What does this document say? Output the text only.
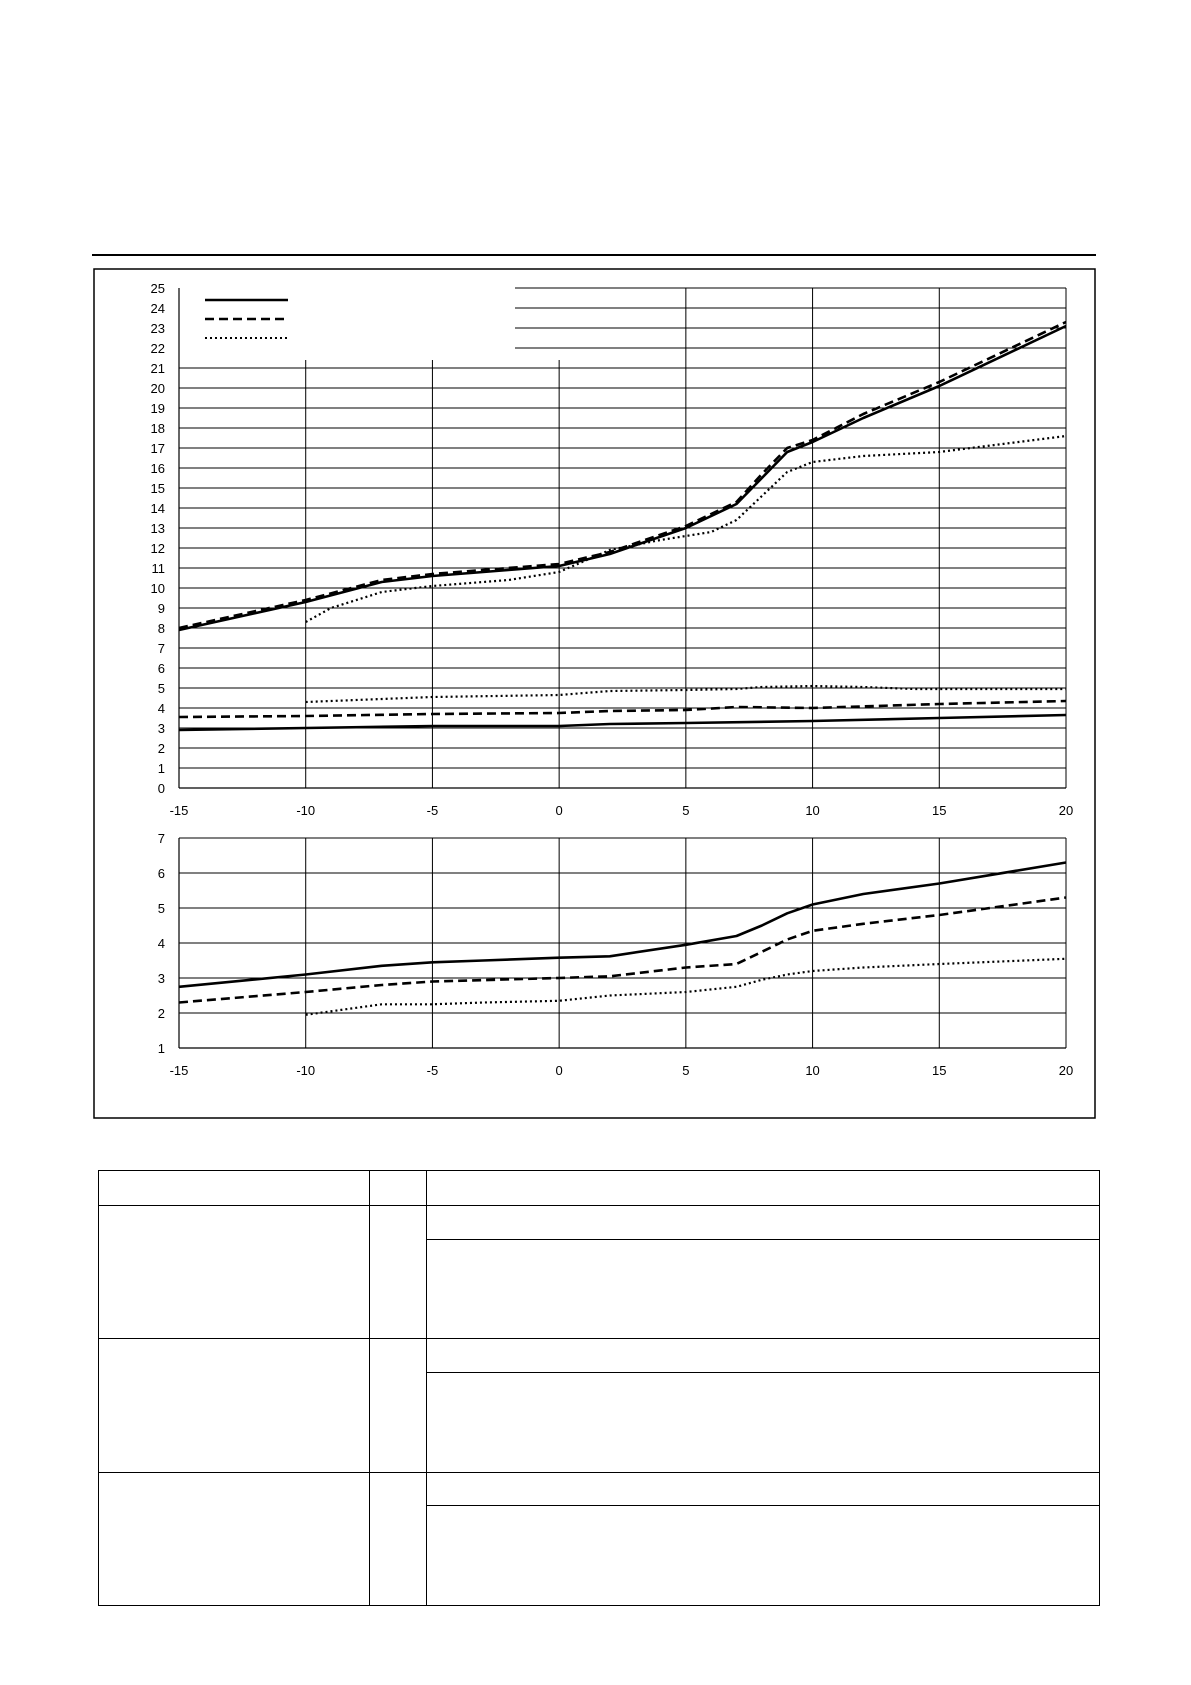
-15	-10	-5	0	5	10	15	20
0
1
2
3
4
5
6
7
8
9
10
11
12
13
14
15
16
17
18
19
20
21
22
23
24
25
-15	-10	-5	0	5	10	15	20
1
2
3
4
5
6
7
